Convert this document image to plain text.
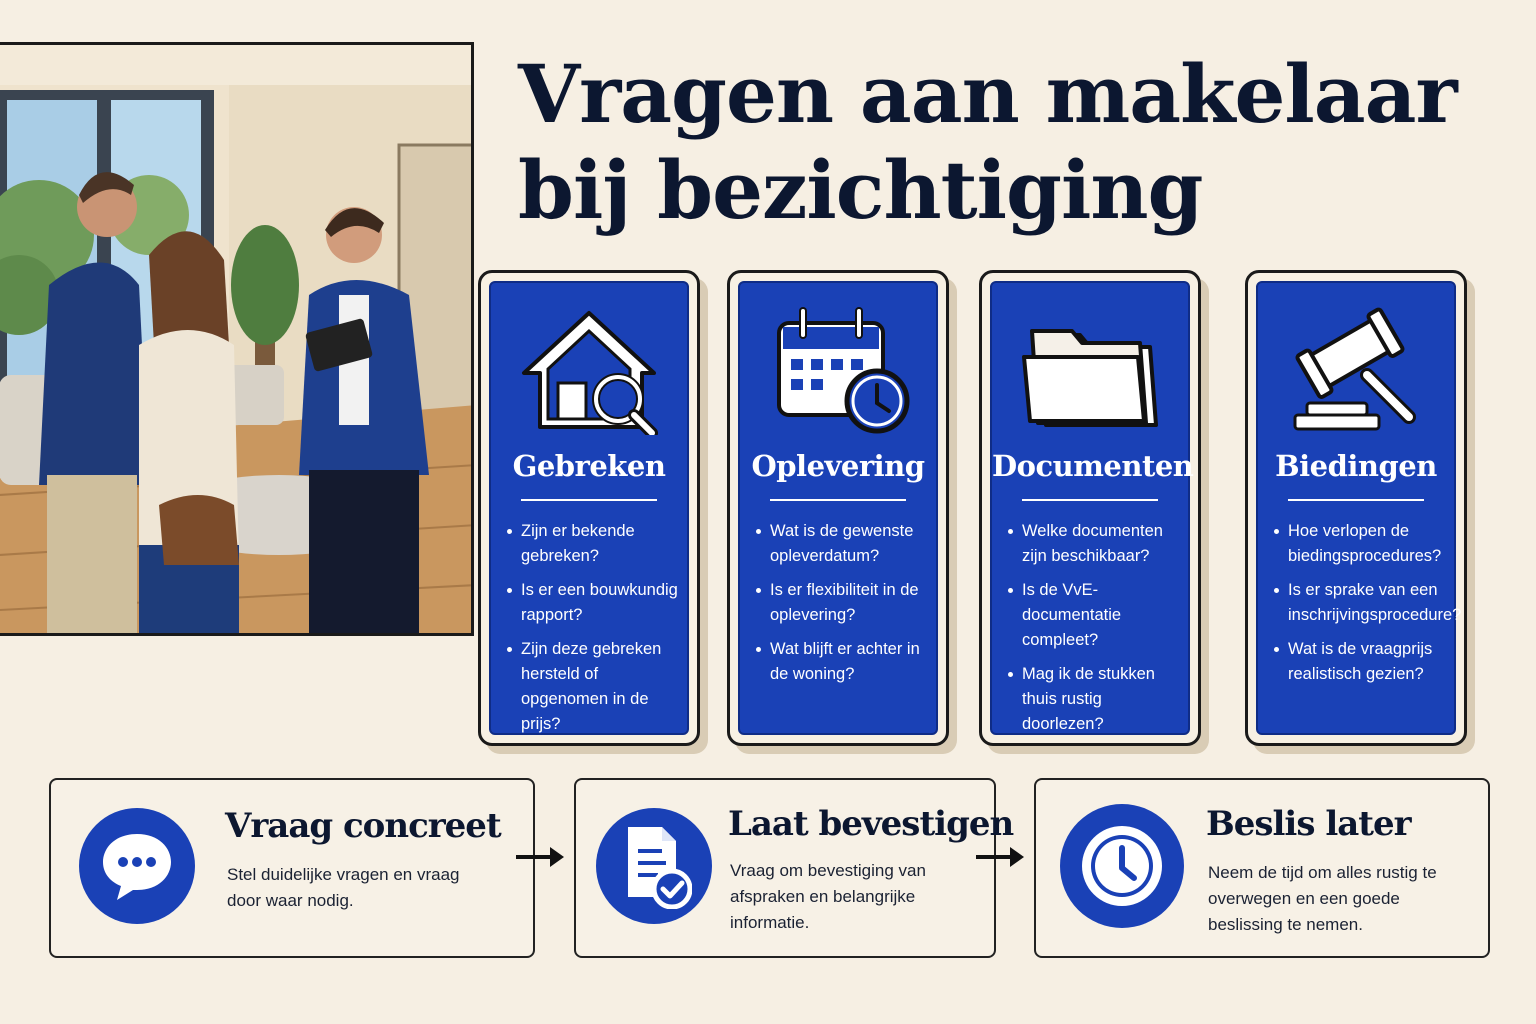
Vragen aan makelaar
bij bezichtiging
Gebreken
Zijn er bekende gebreken?
Is er een bouwkundig rapport?
Zijn deze gebreken hersteld of opgenomen in de prijs?
Oplevering
Wat is de gewenste opleverdatum?
Is er flexibiliteit in de oplevering?
Wat blijft er achter in de woning?
Documenten
Welke documenten zijn beschikbaar?
Is de VvE-documentatie compleet?
Mag ik de stukken thuis rustig doorlezen?
Biedingen
Hoe verlopen de biedingsprocedures?
Is er sprake van een inschrijvingsprocedure?
Wat is de vraagprijs realistisch gezien?
Vraag concreet
Stel duidelijke vragen en vraag door waar nodig.
Laat bevestigen
Vraag om bevestiging van afspraken en belangrijke informatie.
Beslis later
Neem de tijd om alles rustig te overwegen en een goede beslissing te nemen.
